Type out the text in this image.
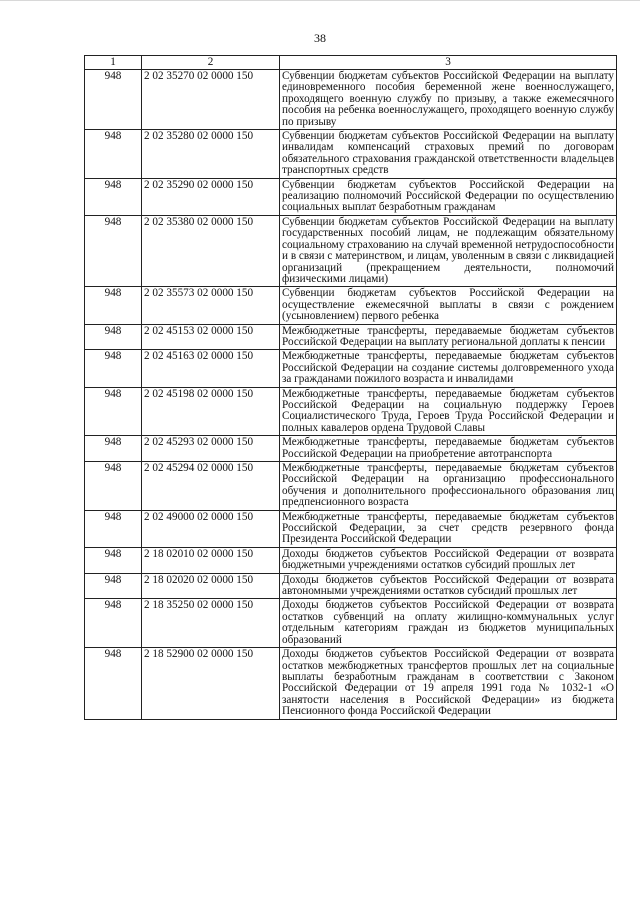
38
1	2	3
948	2 02 35270 02 0000 150	Субвенции бюджетам субъектов Российской Федерации на выплату единовременного пособия беременной жене военнослужащего, проходящего военную службу по призыву, а также ежемесячного пособия на ребенка военнослужащего, проходящего военную службу по призыву
948	2 02 35280 02 0000 150	Субвенции бюджетам субъектов Российской Федерации на выплату инвалидам компенсаций страховых премий по договорам обязательного страхования гражданской ответственности владельцев транспортных средств
948	2 02 35290 02 0000 150	Субвенции бюджетам субъектов Российской Федерации на реализацию полномочий Российской Федерации по осуществлению социальных выплат безработным гражданам
948	2 02 35380 02 0000 150	Субвенции бюджетам субъектов Российской Федерации на выплату государственных пособий лицам, не подлежащим обязательному социальному страхованию на случай временной нетрудоспособности и в связи с материнством, и лицам, уволенным в связи с ликвидацией организаций (прекращением деятельности, полномочий физическими лицами)
948	2 02 35573 02 0000 150	Субвенции бюджетам субъектов Российской Федерации на осуществление ежемесячной выплаты в связи с рождением (усыновлением) первого ребенка
948	2 02 45153 02 0000 150	Межбюджетные трансферты, передаваемые бюджетам субъектов Российской Федерации на выплату региональной доплаты к пенсии
948	2 02 45163 02 0000 150	Межбюджетные трансферты, передаваемые бюджетам субъектов Российской Федерации на создание системы долговременного ухода за гражданами пожилого возраста и инвалидами
948	2 02 45198 02 0000 150	Межбюджетные трансферты, передаваемые бюджетам субъектов Российской Федерации на социальную поддержку Героев Социалистического Труда, Героев Труда Российской Федерации и полных кавалеров ордена Трудовой Славы
948	2 02 45293 02 0000 150	Межбюджетные трансферты, передаваемые бюджетам субъектов Российской Федерации на приобретение автотранспорта
948	2 02 45294 02 0000 150	Межбюджетные трансферты, передаваемые бюджетам субъектов Российской Федерации на организацию профессионального обучения и дополнительного профессионального образования лиц предпенсионного возраста
948	2 02 49000 02 0000 150	Межбюджетные трансферты, передаваемые бюджетам субъектов Российской Федерации, за счет средств резервного фонда Президента Российской Федерации
948	2 18 02010 02 0000 150	Доходы бюджетов субъектов Российской Федерации от возврата бюджетными учреждениями остатков субсидий прошлых лет
948	2 18 02020 02 0000 150	Доходы бюджетов субъектов Российской Федерации от возврата автономными учреждениями остатков субсидий прошлых лет
948	2 18 35250 02 0000 150	Доходы бюджетов субъектов Российской Федерации от возврата остатков субвенций на оплату жилищно-коммунальных услуг отдельным категориям граждан из бюджетов муниципальных образований
948	2 18 52900 02 0000 150	Доходы бюджетов субъектов Российской Федерации от возврата остатков межбюджетных трансфертов прошлых лет на социальные выплаты безработным гражданам в соответствии с Законом Российской Федерации от 19 апреля 1991 года № 1032-1 «О занятости населения в Российской Федерации» из бюджета Пенсионного фонда Российской Федерации
